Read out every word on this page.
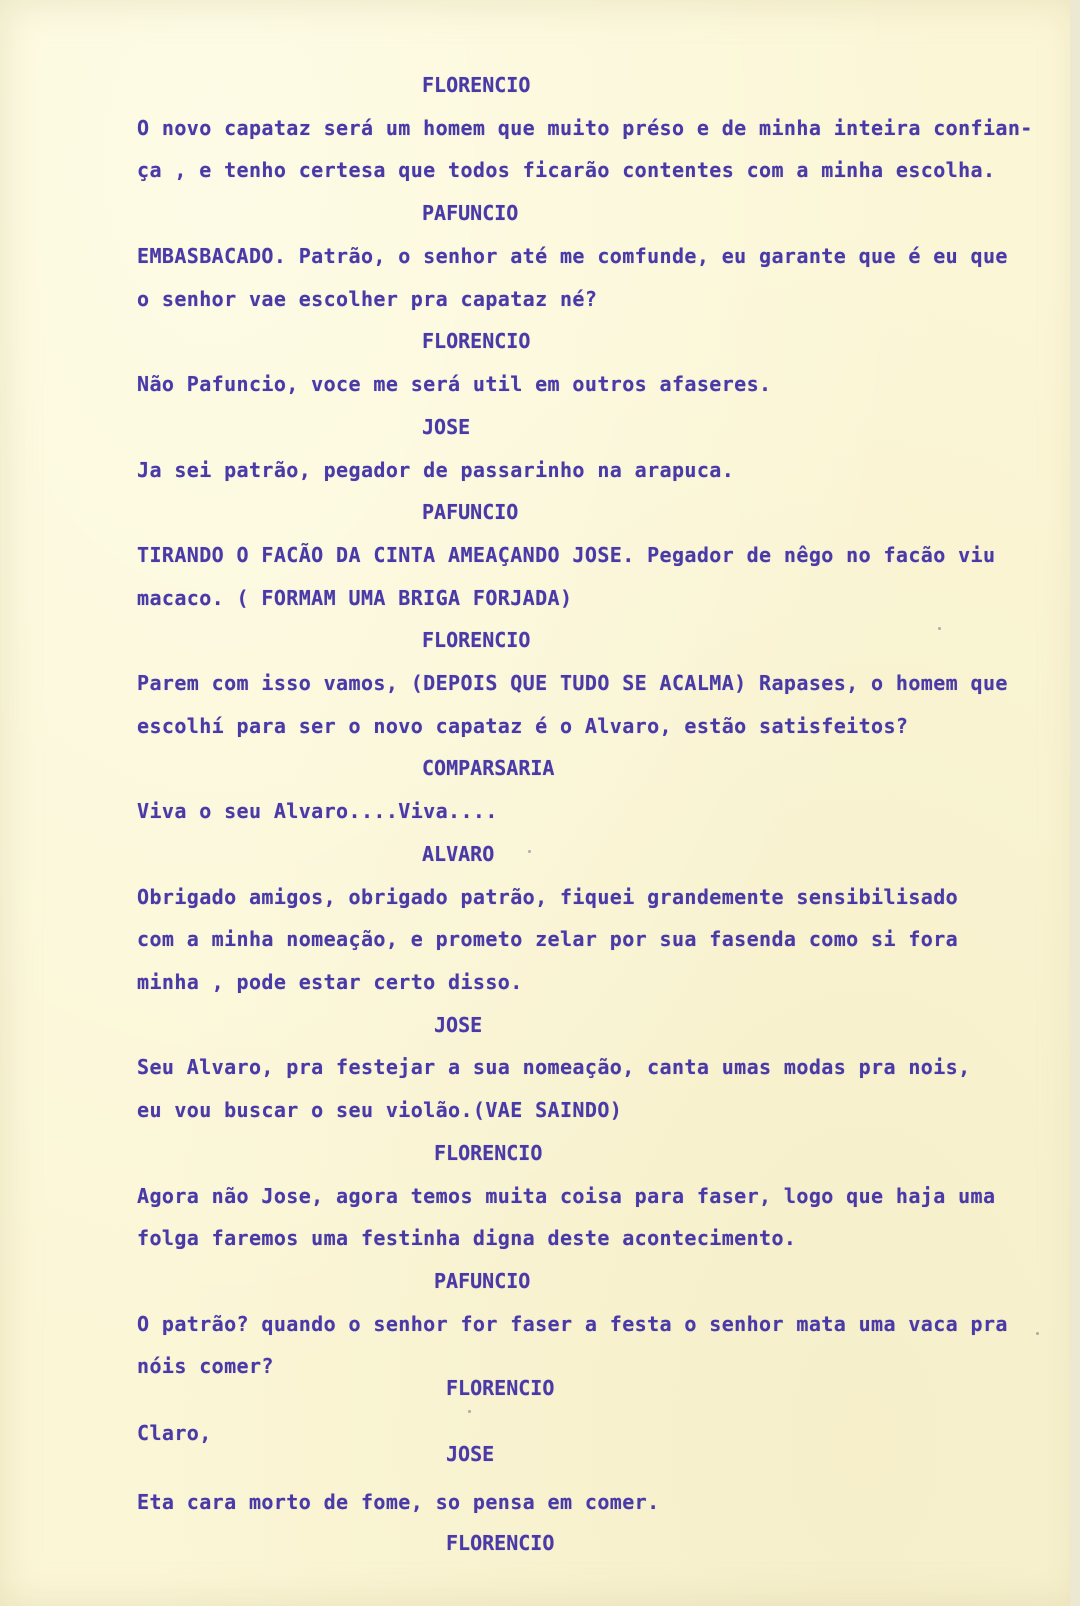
FLORENCIO
O novo capataz será um homem que muito préso e de minha inteira confian-
ça , e tenho certesa que todos ficarão contentes com a minha escolha.
PAFUNCIO
EMBASBACADO. Patrão, o senhor até me comfunde, eu garante que é eu que
o senhor vae escolher pra capataz né?
FLORENCIO
Não Pafuncio, voce me será util em outros afaseres.
JOSE
Ja sei patrão, pegador de passarinho na arapuca.
PAFUNCIO
TIRANDO O FACÃO DA CINTA AMEAÇANDO JOSE. Pegador de nêgo no facão viu
macaco. ( FORMAM UMA BRIGA FORJADA)
FLORENCIO
Parem com isso vamos, (DEPOIS QUE TUDO SE ACALMA) Rapases, o homem que
escolhí para ser o novo capataz é o Alvaro, estão satisfeitos?
COMPARSARIA
Viva o seu Alvaro....Viva....
ALVARO
Obrigado amigos, obrigado patrão, fiquei grandemente sensibilisado
com a minha nomeação, e prometo zelar por sua fasenda como si fora
minha , pode estar certo disso.
JOSE
Seu Alvaro, pra festejar a sua nomeação, canta umas modas pra nois,
eu vou buscar o seu violão.(VAE SAINDO)
FLORENCIO
Agora não Jose, agora temos muita coisa para faser, logo que haja uma
folga faremos uma festinha digna deste acontecimento.
PAFUNCIO
O patrão? quando o senhor for faser a festa o senhor mata uma vaca pra
nóis comer?
FLORENCIO
Claro,
JOSE
Eta cara morto de fome, so pensa em comer.
FLORENCIO
